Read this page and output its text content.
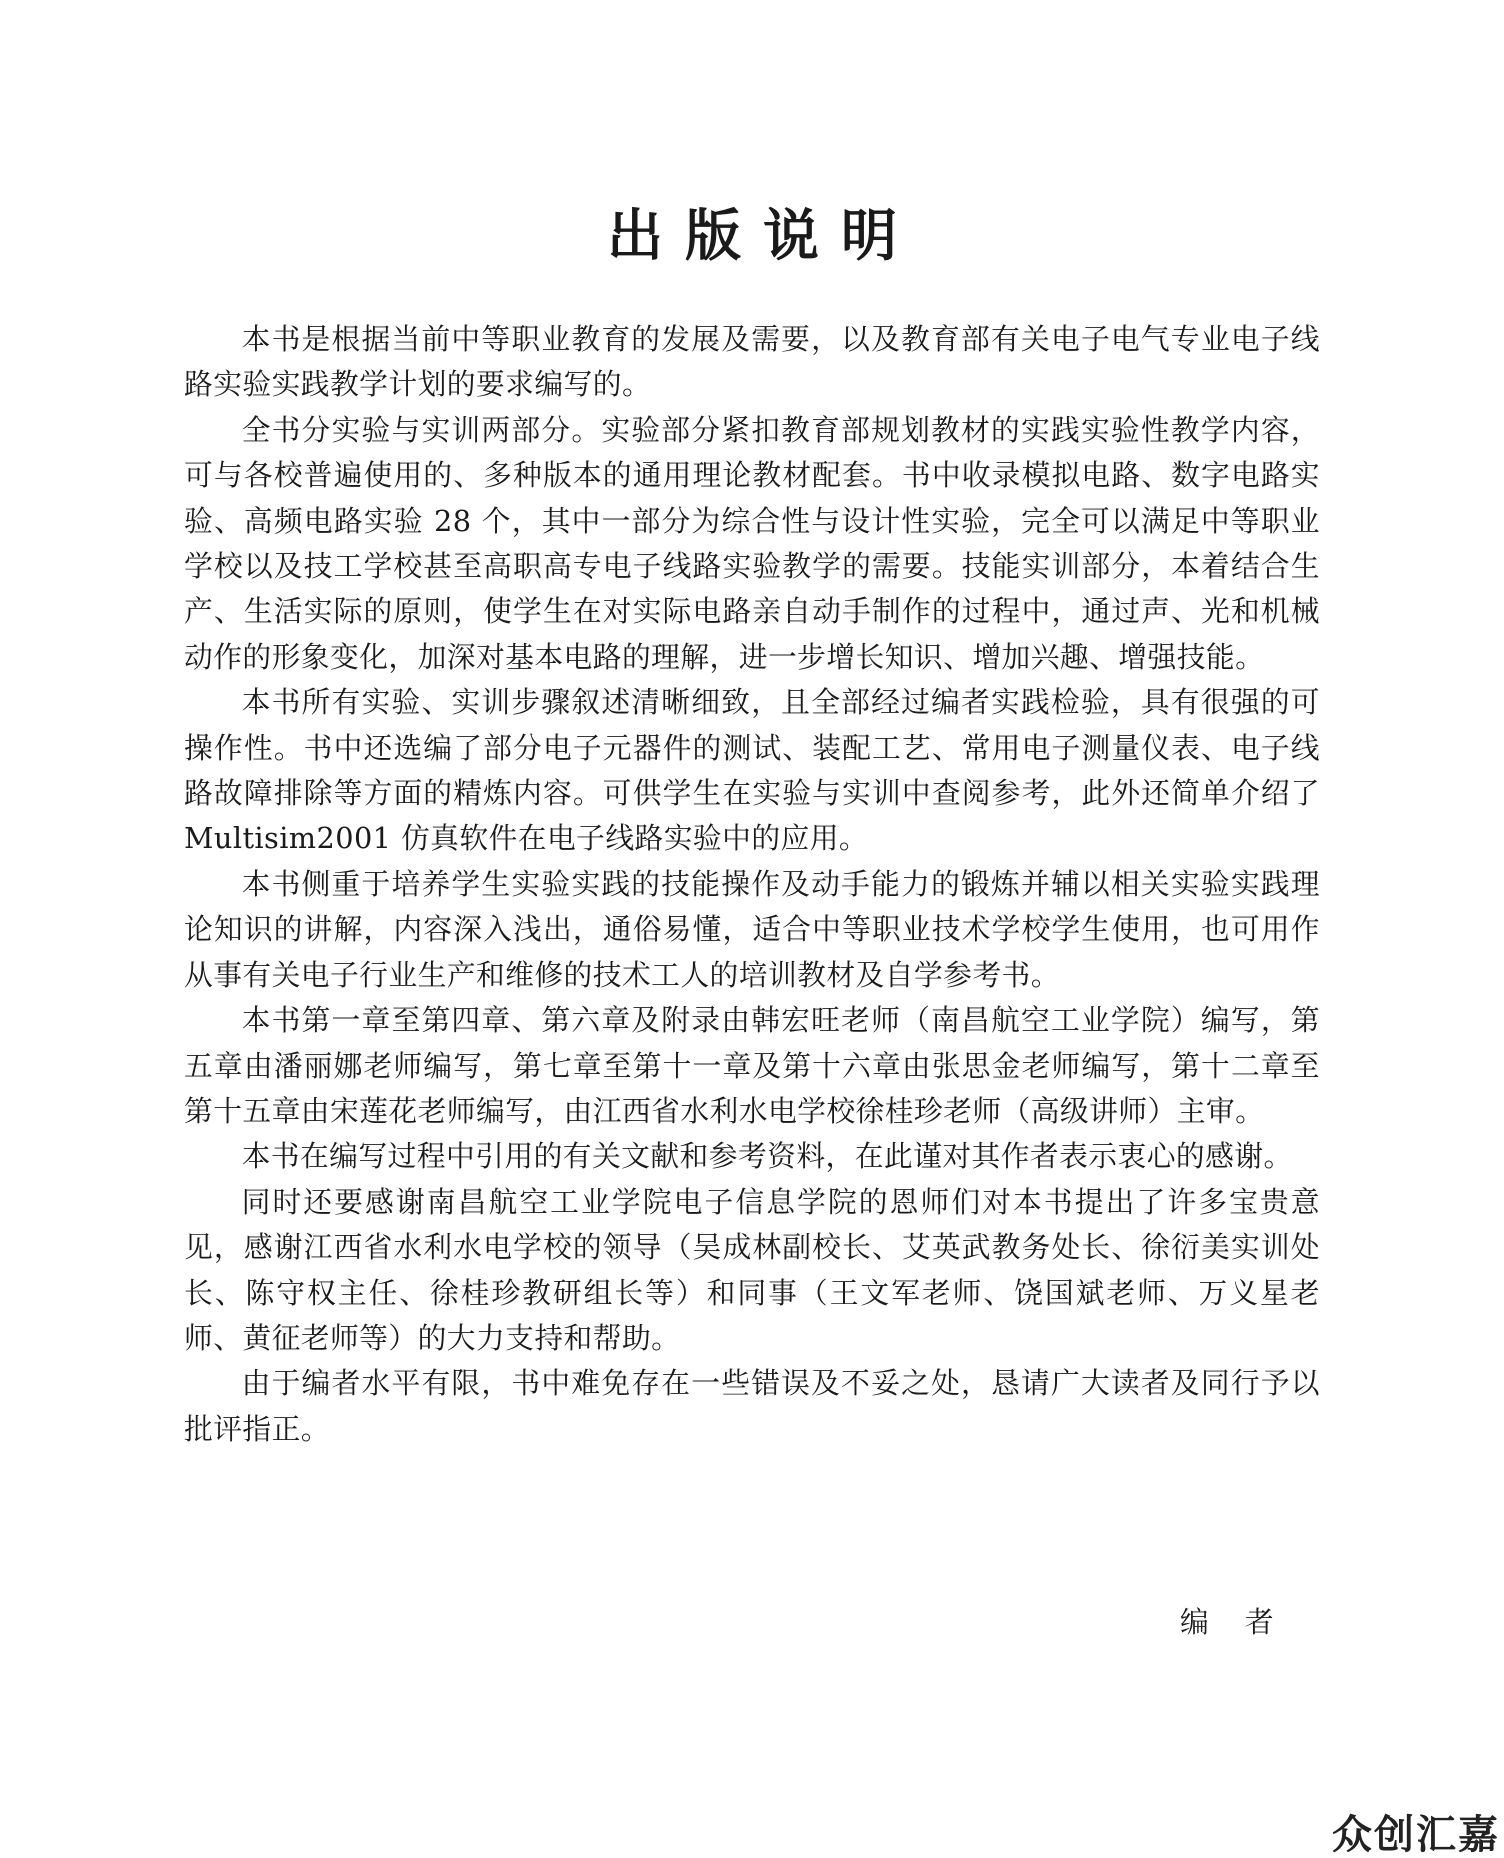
出版说明

本书是根据当前中等职业教育的发展及需要，以及教育部有关电子电气专业电子线路实验实践教学计划的要求编写的。

全书分实验与实训两部分。实验部分紧扣教育部规划教材的实践实验性教学内容，可与各校普遍使用的、多种版本的通用理论教材配套。书中收录模拟电路、数字电路实验、高频电路实验 28 个，其中一部分为综合性与设计性实验，完全可以满足中等职业学校以及技工学校甚至高职高专电子线路实验教学的需要。技能实训部分，本着结合生产、生活实际的原则，使学生在对实际电路亲自动手制作的过程中，通过声、光和机械动作的形象变化，加深对基本电路的理解，进一步增长知识、增加兴趣、增强技能。

本书所有实验、实训步骤叙述清晰细致，且全部经过编者实践检验，具有很强的可操作性。书中还选编了部分电子元器件的测试、装配工艺、常用电子测量仪表、电子线路故障排除等方面的精炼内容。可供学生在实验与实训中查阅参考，此外还简单介绍了 Multisim2001 仿真软件在电子线路实验中的应用。

本书侧重于培养学生实验实践的技能操作及动手能力的锻炼并辅以相关实验实践理论知识的讲解，内容深入浅出，通俗易懂，适合中等职业技术学校学生使用，也可用作从事有关电子行业生产和维修的技术工人的培训教材及自学参考书。

本书第一章至第四章、第六章及附录由韩宏旺老师（南昌航空工业学院）编写，第五章由潘丽娜老师编写，第七章至第十一章及第十六章由张思金老师编写，第十二章至第十五章由宋莲花老师编写，由江西省水利水电学校徐桂珍老师（高级讲师）主审。

本书在编写过程中引用的有关文献和参考资料，在此谨对其作者表示衷心的感谢。

同时还要感谢南昌航空工业学院电子信息学院的恩师们对本书提出了许多宝贵意见，感谢江西省水利水电学校的领导（吴成林副校长、艾英武教务处长、徐衍美实训处长、陈守权主任、徐桂珍教研组长等）和同事（王文军老师、饶国斌老师、万义星老师、黄征老师等）的大力支持和帮助。

由于编者水平有限，书中难免存在一些错误及不妥之处，恳请广大读者及同行予以批评指正。

编者
众创汇嘉
